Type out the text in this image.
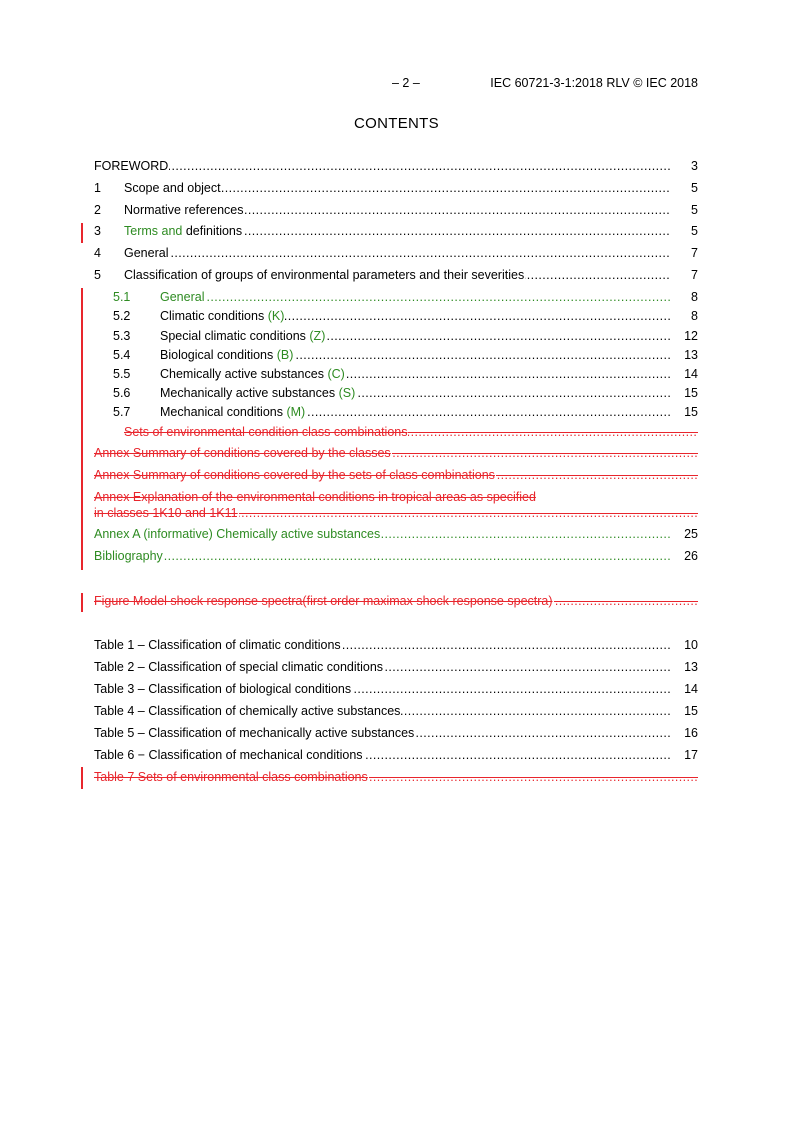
– 2 –	IEC 60721-3-1:2018 RLV © IEC 2018
CONTENTS
FOREWORD .....	3
1 Scope and object .....	5
2 Normative references .....	5
3 Terms and definitions .....	5
4 General .....	7
5 Classification of groups of environmental parameters and their severities .....	7
5.1 General .....	8
5.2 Climatic conditions (K) .....	8
5.3 Special climatic conditions (Z) .....	12
5.4 Biological conditions (B) .....	13
5.5 Chemically active substances (C) .....	14
5.6 Mechanically active substances (S) .....	15
5.7 Mechanical conditions (M) .....	15
Sets of environmental condition class combinations .....
Annex Summary of conditions covered by the classes .....
Annex Summary of conditions covered by the sets of class combinations .....
Annex Explanation of the environmental conditions in tropical areas as specified
in classes 1K10 and 1K11 .....
Annex A (informative) Chemically active substances .....	25
Bibliography .....	26
Figure Model shock response spectra(first order maximax shock response spectra) .....
Table 1 – Classification of climatic conditions .....	10
Table 2 – Classification of special climatic conditions .....	13
Table 3 – Classification of biological conditions .....	14
Table 4 – Classification of chemically active substances .....	15
Table 5 – Classification of mechanically active substances .....	16
Table 6 − Classification of mechanical conditions .....	17
Table 7 Sets of environmental class combinations .....
